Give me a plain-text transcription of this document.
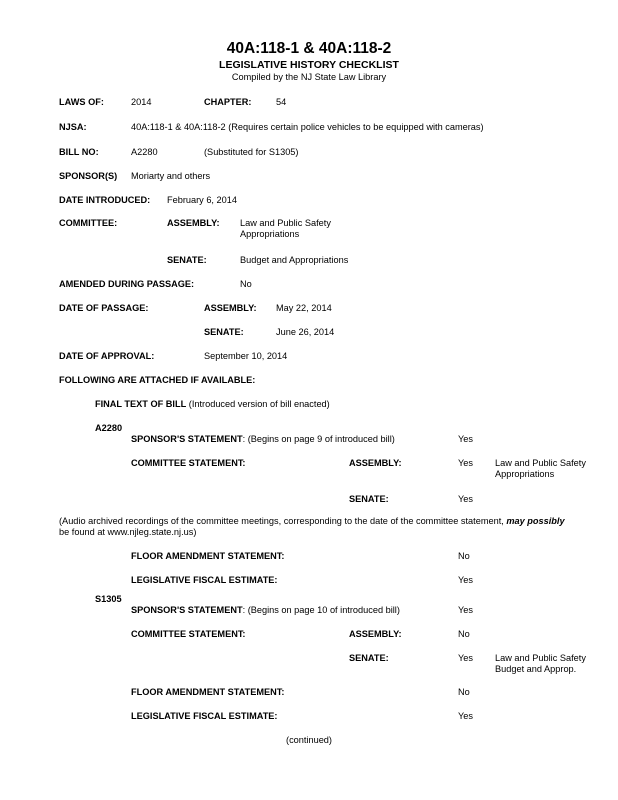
40A:118-1 & 40A:118-2
LEGISLATIVE HISTORY CHECKLIST
Compiled by the NJ State Law Library
LAWS OF:	2014	CHAPTER:	54
NJSA:	40A:118-1 & 40A:118-2 (Requires certain police vehicles to be equipped with cameras)
BILL NO:	A2280	(Substituted for S1305)
SPONSOR(S) Moriarty and others
DATE INTRODUCED: February 6, 2014
COMMITTEE:	ASSEMBLY: Law and Public Safety
Appropriations
SENATE:	Budget and Appropriations
AMENDED DURING PASSAGE:	No
DATE OF PASSAGE:	ASSEMBLY: May 22, 2014
SENATE:	June 26, 2014
DATE OF APPROVAL:	September 10, 2014
FOLLOWING ARE ATTACHED IF AVAILABLE:
FINAL TEXT OF BILL (Introduced version of bill enacted)
A2280
SPONSOR'S STATEMENT: (Begins on page 9 of introduced bill)	Yes
COMMITTEE STATEMENT:	ASSEMBLY:	Yes Law and Public Safety
Appropriations
SENATE:	Yes
(Audio archived recordings of the committee meetings, corresponding to the date of the committee statement, may possibly
be found at www.njleg.state.nj.us)
FLOOR AMENDMENT STATEMENT:	No
LEGISLATIVE FISCAL ESTIMATE:	Yes
S1305
SPONSOR'S STATEMENT: (Begins on page 10 of introduced bill)	Yes
COMMITTEE STATEMENT:	ASSEMBLY:	No
SENATE:	Yes Law and Public Safety
Budget and Approp.
FLOOR AMENDMENT STATEMENT:	No
LEGISLATIVE FISCAL ESTIMATE:	Yes
(continued)
